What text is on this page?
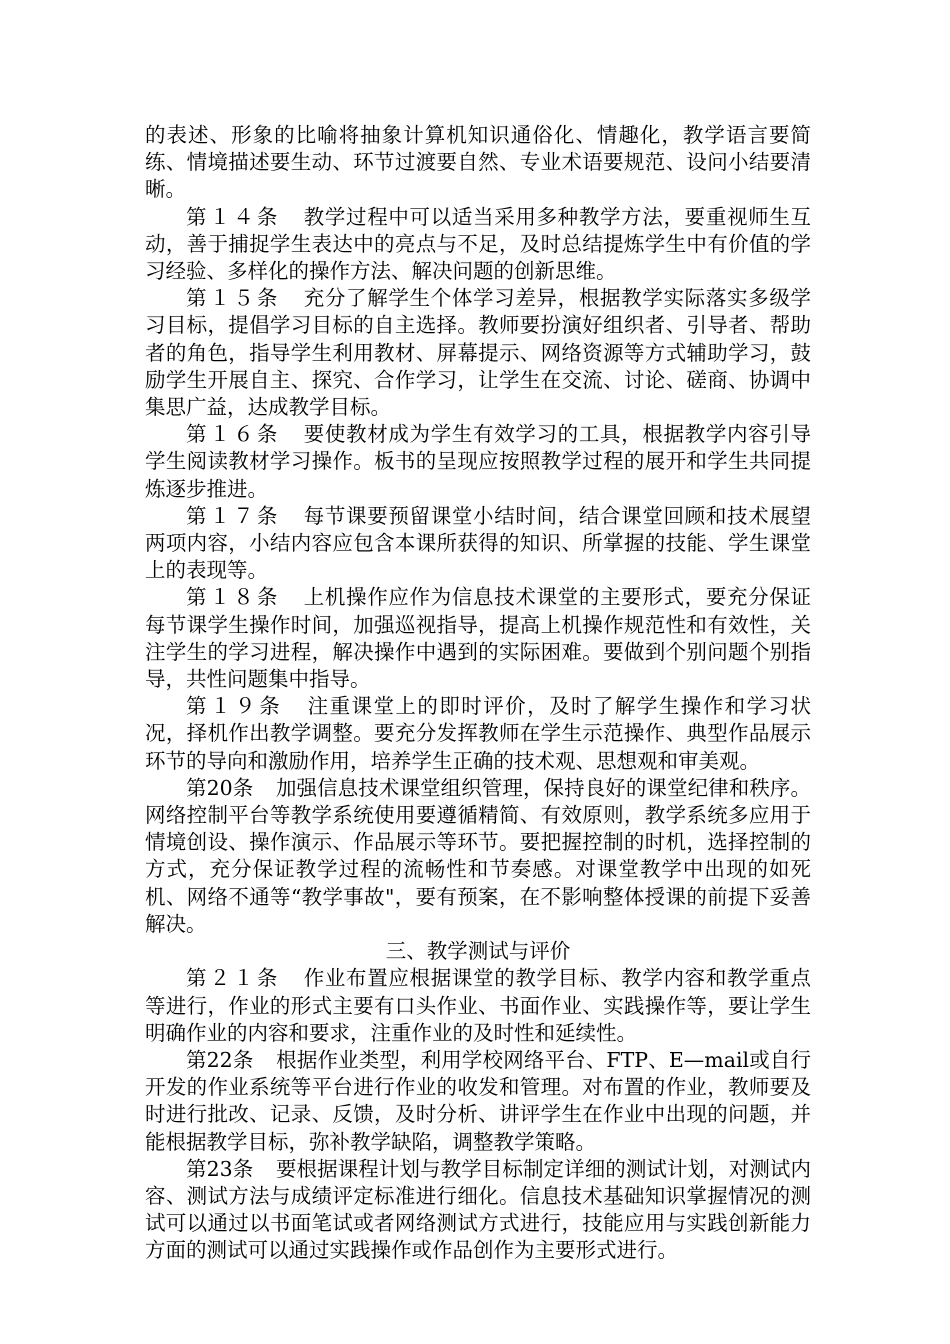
的表述、形象的比喻将抽象计算机知识通俗化、情趣化，教学语言要简练、情境描述要生动、环节过渡要自然、专业术语要规范、设问小结要清晰。

第１４条 教学过程中可以适当采用多种教学方法，要重视师生互动，善于捕捉学生表达中的亮点与不足，及时总结提炼学生中有价值的学习经验、多样化的操作方法、解决问题的创新思维。

第１５条 充分了解学生个体学习差异，根据教学实际落实多级学习目标，提倡学习目标的自主选择。教师要扮演好组织者、引导者、帮助者的角色，指导学生利用教材、屏幕提示、网络资源等方式辅助学习，鼓励学生开展自主、探究、合作学习，让学生在交流、讨论、磋商、协调中集思广益，达成教学目标。

第１６条 要使教材成为学生有效学习的工具，根据教学内容引导学生阅读教材学习操作。板书的呈现应按照教学过程的展开和学生共同提炼逐步推进。

第１７条 每节课要预留课堂小结时间，结合课堂回顾和技术展望两项内容，小结内容应包含本课所获得的知识、所掌握的技能、学生课堂上的表现等。

第１８条 上机操作应作为信息技术课堂的主要形式，要充分保证每节课学生操作时间，加强巡视指导，提高上机操作规范性和有效性，关注学生的学习进程，解决操作中遇到的实际困难。要做到个别问题个别指导，共性问题集中指导。

第１９条 注重课堂上的即时评价，及时了解学生操作和学习状况，择机作出教学调整。要充分发挥教师在学生示范操作、典型作品展示环节的导向和激励作用，培养学生正确的技术观、思想观和审美观。

第20条 加强信息技术课堂组织管理，保持良好的课堂纪律和秩序。网络控制平台等教学系统使用要遵循精简、有效原则，教学系统多应用于情境创设、操作演示、作品展示等环节。要把握控制的时机，选择控制的方式，充分保证教学过程的流畅性和节奏感。对课堂教学中出现的如死机、网络不通等“教学事故"，要有预案，在不影响整体授课的前提下妥善解决。

三、教学测试与评价

第２１条 作业布置应根据课堂的教学目标、教学内容和教学重点等进行，作业的形式主要有口头作业、书面作业、实践操作等，要让学生明确作业的内容和要求，注重作业的及时性和延续性。

第22条 根据作业类型，利用学校网络平台、FTP、E—mail或自行开发的作业系统等平台进行作业的收发和管理。对布置的作业，教师要及时进行批改、记录、反馈，及时分析、讲评学生在作业中出现的问题，并能根据教学目标，弥补教学缺陷，调整教学策略。

第23条 要根据课程计划与教学目标制定详细的测试计划，对测试内容、测试方法与成绩评定标准进行细化。信息技术基础知识掌握情况的测试可以通过以书面笔试或者网络测试方式进行，技能应用与实践创新能力方面的测试可以通过实践操作或作品创作为主要形式进行。
